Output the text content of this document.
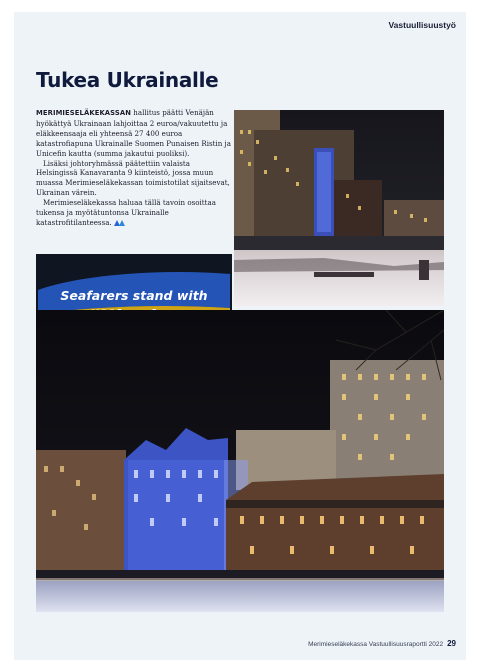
Vastuullisuustyö
Tukea Ukrainalle

MERIMIESELÄKEKASSAN hallitus päätti Venäjän hyökättyä Ukrainaan lahjoittaa 2 euroa/vakuutettu ja eläkkeensaaja eli yhteensä 27 400 euroa katastrofiapuna Ukrainalle Suomen Punaisen Ristin ja Unicefin kautta (summa jakautui puoliksi).

Lisäksi johtoryhmässä päätettiin valaista Helsingissä Kanavaranta 9 kiinteistö, jossa muun muassa Merimieseläkekassan toimistotilat sijaitsevat, Ukrainan värein.

Merimieseläkekassa haluaa tällä tavoin osoittaa tukensa ja myötätuntonsa Ukrainalle katastrofitilanteessa.

Seafarers stand with
Merimieseläkekassa Vastuullisuusraportti 2022 29
